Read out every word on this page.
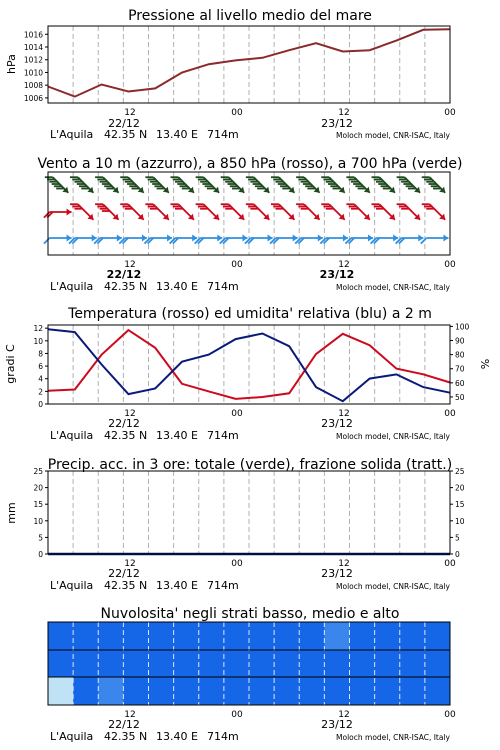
Pressione al livello medio del mare
hPa
1006
1008
1010
1012
1014
1016
12	00	12	00
22/12	23/12
L'Aquila 42.35 N 13.40 E 714m	Moloch model, CNR-ISAC, Italy
Vento a 10 m (azzurro), a 850 hPa (rosso), a 700 hPa (verde)
12	00	12	00
22/12	23/12
L'Aquila 42.35 N 13.40 E 714m	Moloch model, CNR-ISAC, Italy
Temperatura (rosso) ed umidita' relativa (blu) a 2 m
gradi C	%
0
2
4
6
8
10
12
50
60
70
80
90
100
12	00	12	00
22/12	23/12
L'Aquila 42.35 N 13.40 E 714m	Moloch model, CNR-ISAC, Italy
Precip. acc. in 3 ore: totale (verde), frazione solida (tratt.)
mm
0
5
10
15
20
25
0
5
10
15
20
25
12	00	12	00
22/12	23/12
L'Aquila 42.35 N 13.40 E 714m	Moloch model, CNR-ISAC, Italy
Nuvolosita' negli strati basso, medio e alto
12	00	12	00
22/12	23/12
L'Aquila 42.35 N 13.40 E 714m	Moloch model, CNR-ISAC, Italy
